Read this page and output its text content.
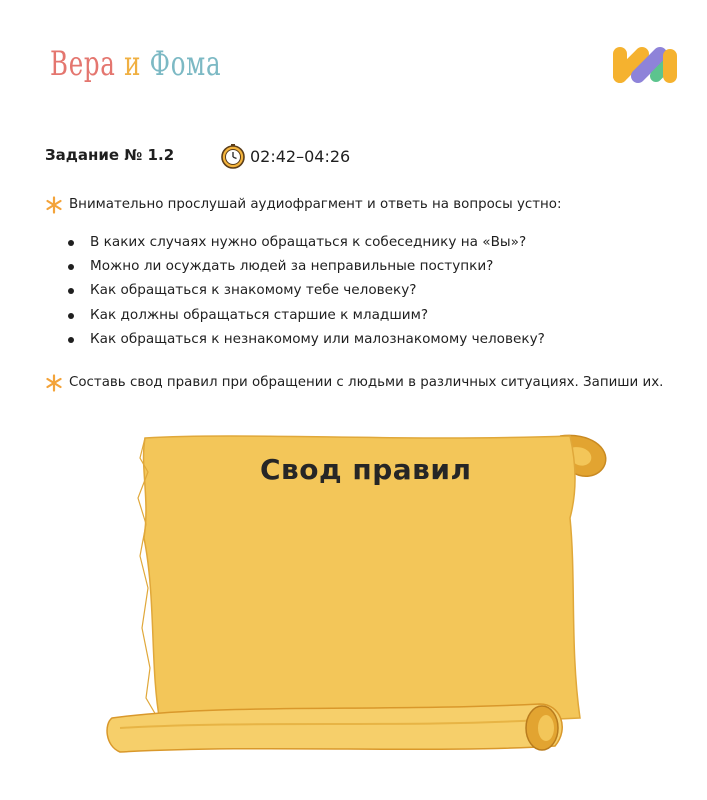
Вера и Фома
Задание № 1.2	02:42–04:26
Внимательно прослушай аудиофрагмент и ответь на вопросы устно:
В каких случаях нужно обращаться к собеседнику на «Вы»?
Можно ли осуждать людей за неправильные поступки?
Как обращаться к знакомому тебе человеку?
Как должны обращаться старшие к младшим?
Как обращаться к незнакомому или малознакомому человеку?
Составь свод правил при обращении с людьми в различных ситуациях. Запиши их.
Свод правил
